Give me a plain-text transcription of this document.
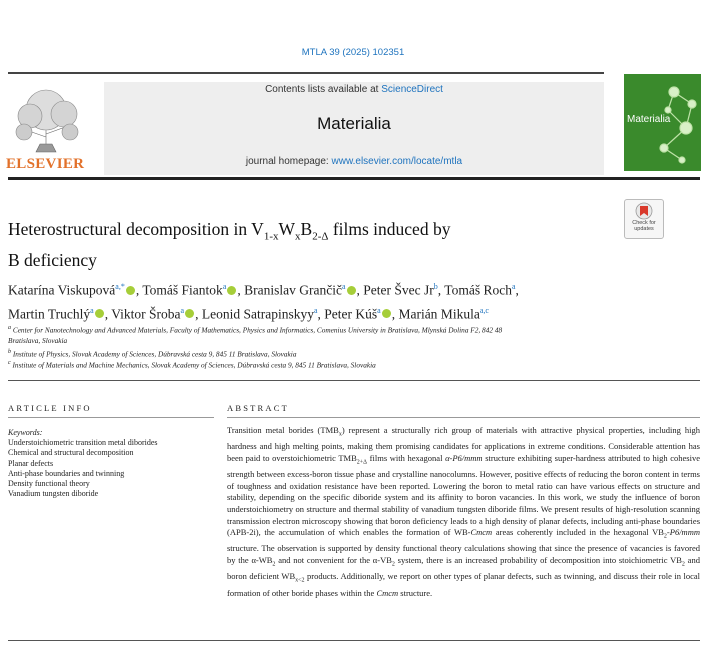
MTLA 39 (2025) 102351
ELSEVIER
Contents lists available at ScienceDirect
Materialia
journal homepage: www.elsevier.com/locate/mtla
Materialia
Check for
updates
Heterostructural decomposition in $V_{1-x}W_xB_{2-\Delta}$ films induced by
B deficiency
Katarína Viskupová$^{a,*}$ , Tomáš Fiantok$^a$ , Branislav Grančič$^a$ , Peter Švec Jr$^b$, Tomáš Roch$^a$,
Martin Truchlý$^a$ , Viktor Šroba$^a$ , Leonid Satrapinskyy$^a$, Peter Kúš$^a$ , Marián Mikula$^{a,c}$
$^a$ Center for Nanotechnology and Advanced Materials, Faculty of Mathematics, Physics and Informatics, Comenius University in Bratislava, Mlynská Dolina F2, 842 48
Bratislava, Slovakia
$^b$ Institute of Physics, Slovak Academy of Sciences, Dúbravská cesta 9, 845 11 Bratislava, Slovakia
$^c$ Institute of Materials and Machine Mechanics, Slovak Academy of Sciences, Dúbravská cesta 9, 845 11 Bratislava, Slovakia
ARTICLE INFO
Keywords:
Understoichiometric transition metal diborides
Chemical and structural decomposition
Planar defects
Anti-phase boundaries and twinning
Density functional theory
Vanadium tungsten diboride
ABSTRACT
Transition metal borides $(TMB_x)$ represent a structurally rich group of materials with attractive physical properties, including high hardness and high melting points, making them promising candidates for applications in extreme conditions. Considerable attention has been paid to overstoichiometric $TMB_{2+\Delta}$ films with hexagonal α-P6/mmm structure exhibiting super-hardness attributed to high cohesive strength between excess-boron tissue phase and crystalline nanocolumns. However, positive effects of reducing the boron content in terms of toughness and oxidation resistance have been reported. Lowering the boron to metal ratio can have various effects on structure and stability, depending on the specific diboride system and its affinity to boron vacancies. In this work, we study the influence of boron understoichiometry on structure and thermal stability of vanadium tungsten diboride films. We present results of high-resolution scanning transmission electron microscopy showing that boron deficiency leads to a high density of planar defects, including anti-phase boundaries (APB-2i), the accumulation of which enables the formation of WB-Cmcm areas coherently included in the hexagonal $VB_2-P6$/mmm structure. The observation is supported by density functional theory calculations showing that since the presence of vacancies is favored by the $\alpha-WB_2$ and not convenient for the $\alpha-VB_2$ system, there is an increased probability of decomposition into stoichiometric $VB_2$ and boron deficient $WB_{x<2}$ products. Additionally, we report on other types of planar defects, such as twinning, and discuss their role in local formation of other boride phases within the Cmcm structure.
